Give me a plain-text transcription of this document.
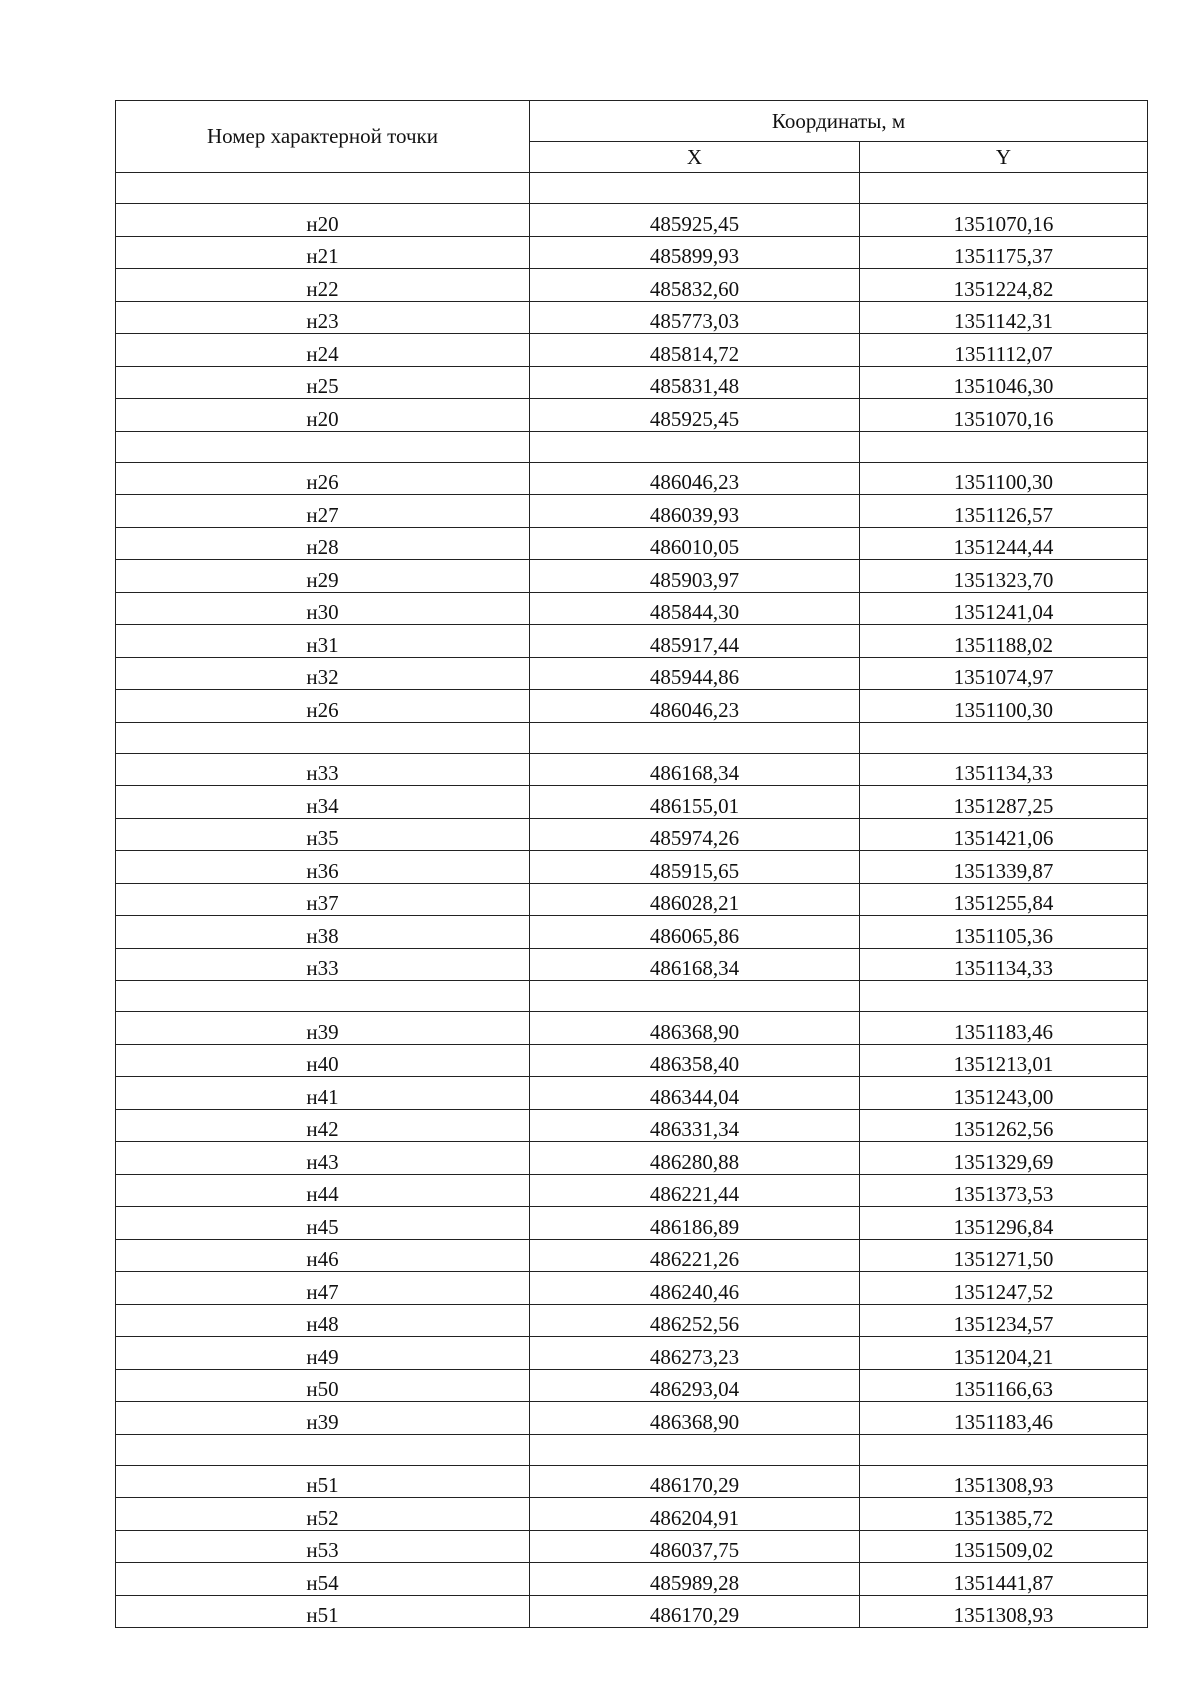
Номер характерной точки	Координаты, м	
	X	Y

н20	485925,45	1351070,16
н21	485899,93	1351175,37
н22	485832,60	1351224,82
н23	485773,03	1351142,31
н24	485814,72	1351112,07
н25	485831,48	1351046,30
н20	485925,45	1351070,16

н26	486046,23	1351100,30
н27	486039,93	1351126,57
н28	486010,05	1351244,44
н29	485903,97	1351323,70
н30	485844,30	1351241,04
н31	485917,44	1351188,02
н32	485944,86	1351074,97
н26	486046,23	1351100,30

н33	486168,34	1351134,33
н34	486155,01	1351287,25
н35	485974,26	1351421,06
н36	485915,65	1351339,87
н37	486028,21	1351255,84
н38	486065,86	1351105,36
н33	486168,34	1351134,33

н39	486368,90	1351183,46
н40	486358,40	1351213,01
н41	486344,04	1351243,00
н42	486331,34	1351262,56
н43	486280,88	1351329,69
н44	486221,44	1351373,53
н45	486186,89	1351296,84
н46	486221,26	1351271,50
н47	486240,46	1351247,52
н48	486252,56	1351234,57
н49	486273,23	1351204,21
н50	486293,04	1351166,63
н39	486368,90	1351183,46

н51	486170,29	1351308,93
н52	486204,91	1351385,72
н53	486037,75	1351509,02
н54	485989,28	1351441,87
н51	486170,29	1351308,93
